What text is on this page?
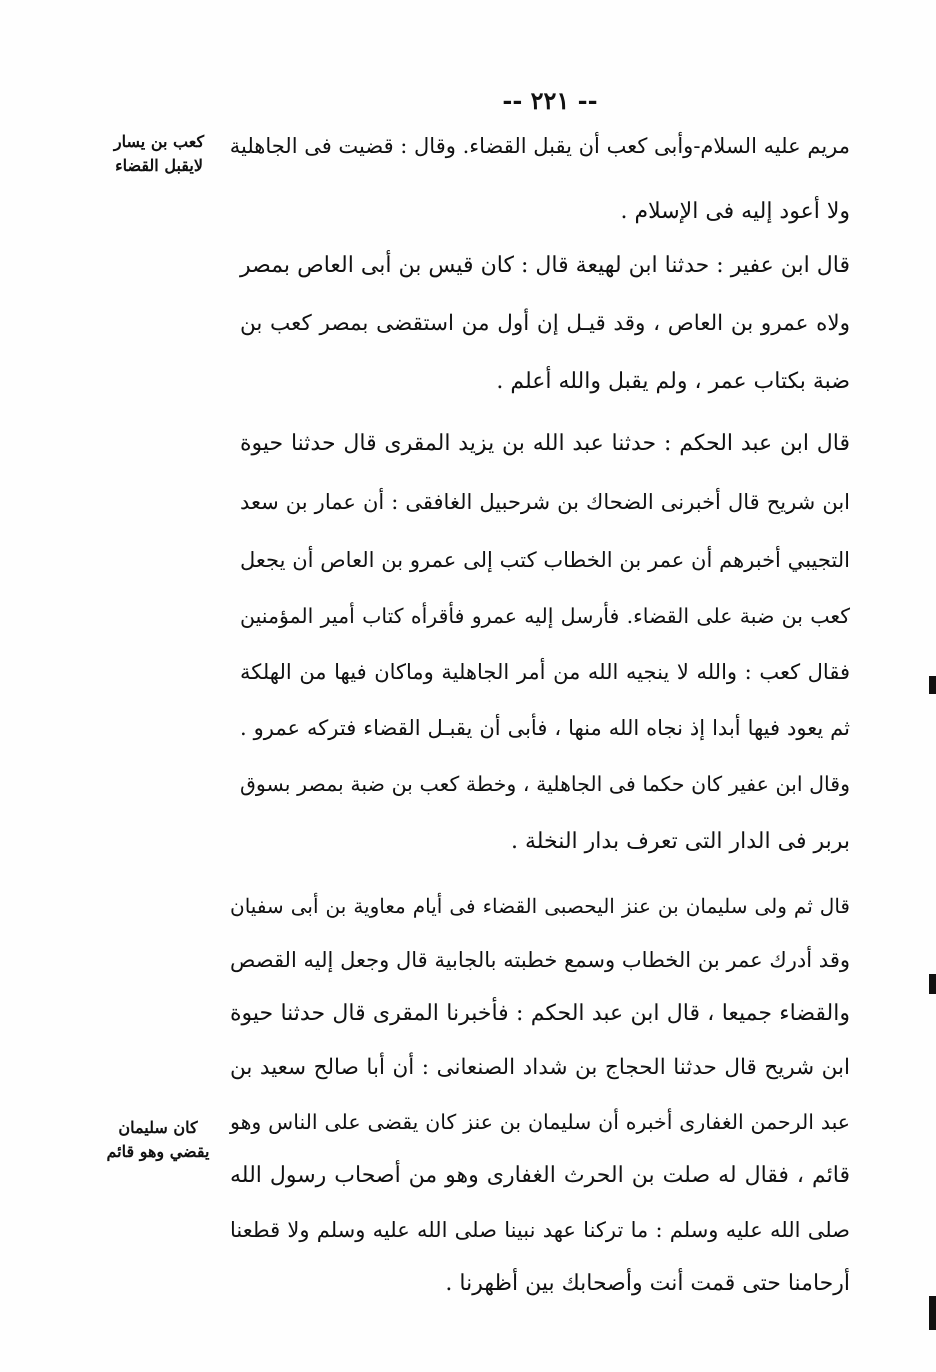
-- ٢٢١ --
كعب بن يسار
لايقبل القضاء
كان سليمان
يقضي وهو قائم
مريم عليه السلام-وأبى كعب أن يقبل القضاء. وقال : قضيت فى الجاهلية
ولا أعود إليه فى الإسلام .
قال ابن عفير : حدثنا ابن لهيعة قال : كان قيس بن أبى العاص بمصر
ولاه عمرو بن العاص ، وقد قيـل إن أول من استقضى بمصر كعب بن
ضبة بكتاب عمر ، ولم يقبل والله أعلم .
قال ابن عبد الحكم : حدثنا عبد الله بن يزيد المقرى قال حدثنا حيوة
ابن شريح قال أخبرنى الضحاك بن شرحبيل الغافقى : أن عمار بن سعد
التجيبي أخبرهم أن عمر بن الخطاب كتب إلى عمرو بن العاص أن يجعل
كعب بن ضبة على القضاء. فأرسل إليه عمرو فأقرأه كتاب أمير المؤمنين
فقال كعب : والله لا ينجيه الله من أمر الجاهلية وماكان فيها من الهلكة
ثم يعود فيها أبدا إذ نجاه الله منها ، فأبى أن يقبـل القضاء فتركه عمرو .
وقال ابن عفير كان حكما فى الجاهلية ، وخطة كعب بن ضبة بمصر بسوق
بربر فى الدار التى تعرف بدار النخلة .
قال ثم ولى سليمان بن عنز اليحصبى القضاء فى أيام معاوية بن أبى سفيان
وقد أدرك عمر بن الخطاب وسمع خطبته بالجابية قال وجعل إليه القصص
والقضاء جميعا ، قال ابن عبد الحكم : فأخبرنا المقرى قال حدثنا حيوة
ابن شريح قال حدثنا الحجاج بن شداد الصنعانى : أن أبا صالح سعيد بن
عبد الرحمن الغفارى أخبره أن سليمان بن عنز كان يقضى على الناس وهو
قائم ، فقال له صلت بن الحرث الغفارى وهو من أصحاب رسول الله
صلى الله عليه وسلم : ما تركنا عهد نبينا صلى الله عليه وسلم ولا قطعنا
أرحامنا حتى قمت أنت وأصحابك بين أظهرنا .
